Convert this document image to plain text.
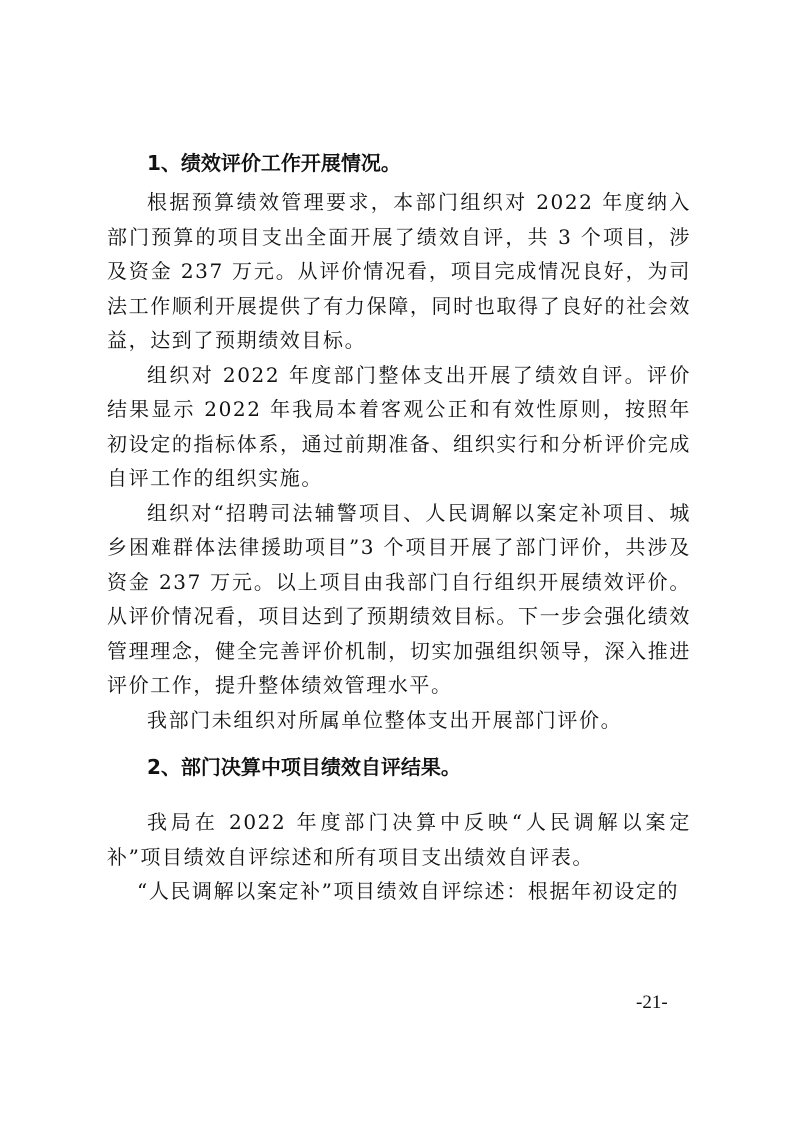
1、绩效评价工作开展情况。

根据预算绩效管理要求，本部门组织对 2022 年度纳入部门预算的项目支出全面开展了绩效自评，共 3 个项目，涉及资金 237 万元。从评价情况看，项目完成情况良好，为司法工作顺利开展提供了有力保障，同时也取得了良好的社会效益，达到了预期绩效目标。

组织对 2022 年度部门整体支出开展了绩效自评。评价结果显示 2022 年我局本着客观公正和有效性原则，按照年初设定的指标体系，通过前期准备、组织实行和分析评价完成自评工作的组织实施。

组织对“招聘司法辅警项目、人民调解以案定补项目、城乡困难群体法律援助项目”3 个项目开展了部门评价，共涉及资金 237 万元。以上项目由我部门自行组织开展绩效评价。从评价情况看，项目达到了预期绩效目标。下一步会强化绩效管理理念，健全完善评价机制，切实加强组织领导，深入推进评价工作，提升整体绩效管理水平。

我部门未组织对所属单位整体支出开展部门评价。

2、部门决算中项目绩效自评结果。

我局在 2022 年度部门决算中反映“人民调解以案定补”项目绩效自评综述和所有项目支出绩效自评表。

“人民调解以案定补”项目绩效自评综述：根据年初设定的

-21-
